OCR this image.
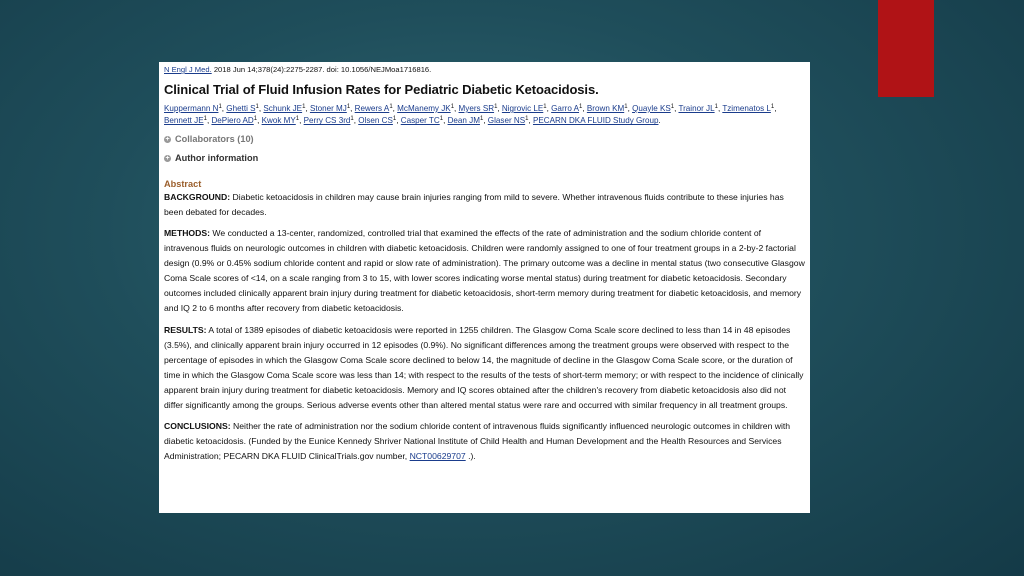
N Engl J Med. 2018 Jun 14;378(24):2275-2287. doi: 10.1056/NEJMoa1716816.
Clinical Trial of Fluid Infusion Rates for Pediatric Diabetic Ketoacidosis.
Kuppermann $N^1$, Ghetti $S^1$, Schunk $JE^1$, Stoner $MJ^1$, Rewers $A^1$, McManemy $JK^1$, Myers $SR^1$, Nigrovic $LE^1$, Garro $A^1$, Brown $KM^1$, Quayle $KS^1$, Trainor $JL^1$, Tzimenatos $L^1$, Bennett $JE^1$, DePiero $AD^1$, Kwok $MY^1$, Perry CS $3rd^1$, Olsen $CS^1$, Casper $TC^1$, Dean $JM^1$, Glaser $NS^1$, PECARN DKA FLUID Study Group.
+ Collaborators (10)
+ Author information
Abstract
BACKGROUND: Diabetic ketoacidosis in children may cause brain injuries ranging from mild to severe. Whether intravenous fluids contribute to these injuries has been debated for decades.
METHODS: We conducted a 13-center, randomized, controlled trial that examined the effects of the rate of administration and the sodium chloride content of intravenous fluids on neurologic outcomes in children with diabetic ketoacidosis. Children were randomly assigned to one of four treatment groups in a 2-by-2 factorial design (0.9% or 0.45% sodium chloride content and rapid or slow rate of administration). The primary outcome was a decline in mental status (two consecutive Glasgow Coma Scale scores of <14, on a scale ranging from 3 to 15, with lower scores indicating worse mental status) during treatment for diabetic ketoacidosis. Secondary outcomes included clinically apparent brain injury during treatment for diabetic ketoacidosis, short-term memory during treatment for diabetic ketoacidosis, and memory and IQ 2 to 6 months after recovery from diabetic ketoacidosis.
RESULTS: A total of 1389 episodes of diabetic ketoacidosis were reported in 1255 children. The Glasgow Coma Scale score declined to less than 14 in 48 episodes (3.5%), and clinically apparent brain injury occurred in 12 episodes (0.9%). No significant differences among the treatment groups were observed with respect to the percentage of episodes in which the Glasgow Coma Scale score declined to below 14, the magnitude of decline in the Glasgow Coma Scale score, or the duration of time in which the Glasgow Coma Scale score was less than 14; with respect to the results of the tests of short-term memory; or with respect to the incidence of clinically apparent brain injury during treatment for diabetic ketoacidosis. Memory and IQ scores obtained after the children's recovery from diabetic ketoacidosis also did not differ significantly among the groups. Serious adverse events other than altered mental status were rare and occurred with similar frequency in all treatment groups.
CONCLUSIONS: Neither the rate of administration nor the sodium chloride content of intravenous fluids significantly influenced neurologic outcomes in children with diabetic ketoacidosis. (Funded by the Eunice Kennedy Shriver National Institute of Child Health and Human Development and the Health Resources and Services Administration; PECARN DKA FLUID ClinicalTrials.gov number, NCT00629707 .).
